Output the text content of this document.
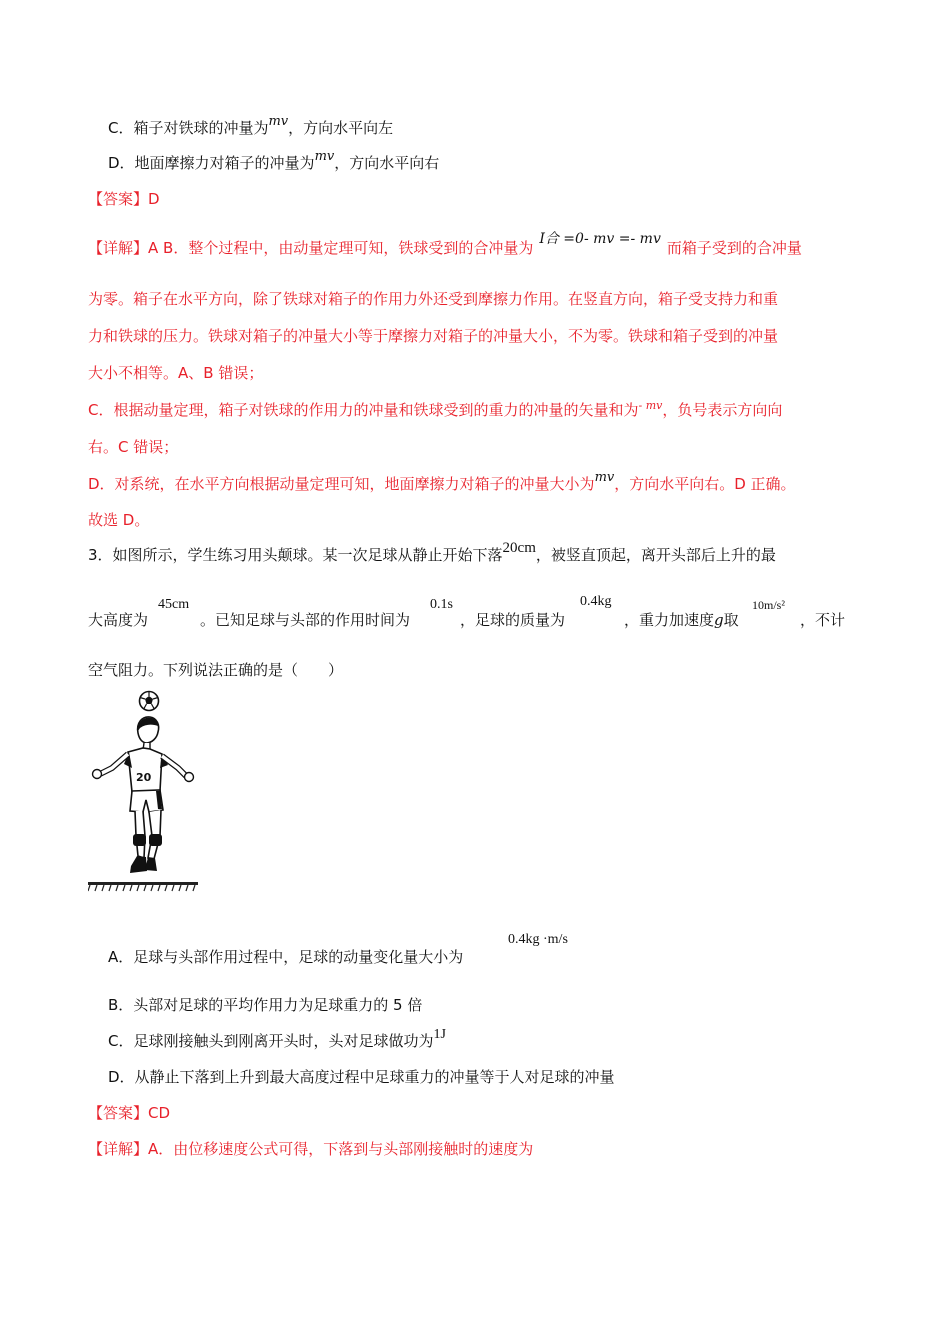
C．箱子对铁球的冲量为mv，方向水平向左
D．地面摩擦力对箱子的冲量为mv，方向水平向右
【答案】D
【详解】A B．整个过程中，由动量定理可知，铁球受到的合冲量为 I合 =0- mv =- mv 而箱子受到的合冲量
为零。箱子在水平方向，除了铁球对箱子的作用力外还受到摩擦力作用。在竖直方向，箱子受支持力和重
力和铁球的压力。铁球对箱子的冲量大小等于摩擦力对箱子的冲量大小，不为零。铁球和箱子受到的冲量
大小不相等。A、B 错误；
C．根据动量定理，箱子对铁球的作用力的冲量和铁球受到的重力的冲量的矢量和为$^{- mv}$，负号表示方向向
右。C 错误；
D．对系统，在水平方向根据动量定理可知，地面摩擦力对箱子的冲量大小为mv，方向水平向右。D 正确。
故选 D。
3．如图所示，学生练习用头颠球。某一次足球从静止开始下落20cm，被竖直顶起，离开头部后上升的最
大高度为
45cm
。已知足球与头部的作用时间为
0.1s
，足球的质量为
0.4kg
，重力加速度g取
10m/s²
，不计
空气阻力。下列说法正确的是（　　）
20
A．足球与头部作用过程中，足球的动量变化量大小为
0.4kg ·m/s
B．头部对足球的平均作用力为足球重力的 5 倍
C．足球刚接触头到刚离开头时，头对足球做功为1J
D．从静止下落到上升到最大高度过程中足球重力的冲量等于人对足球的冲量
【答案】CD
【详解】A．由位移速度公式可得，下落到与头部刚接触时的速度为
